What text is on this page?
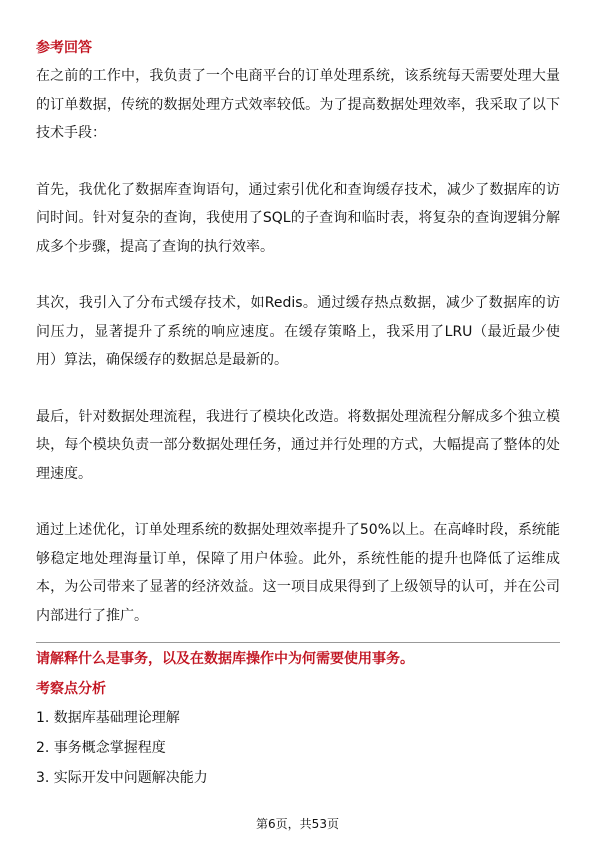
参考回答

在之前的工作中，我负责了一个电商平台的订单处理系统，该系统每天需要处理大量的订单数据，传统的数据处理方式效率较低。为了提高数据处理效率，我采取了以下技术手段：

首先，我优化了数据库查询语句，通过索引优化和查询缓存技术，减少了数据库的访问时间。针对复杂的查询，我使用了SQL的子查询和临时表，将复杂的查询逻辑分解成多个步骤，提高了查询的执行效率。

其次，我引入了分布式缓存技术，如Redis。通过缓存热点数据，减少了数据库的访问压力，显著提升了系统的响应速度。在缓存策略上，我采用了LRU（最近最少使用）算法，确保缓存的数据总是最新的。

最后，针对数据处理流程，我进行了模块化改造。将数据处理流程分解成多个独立模块，每个模块负责一部分数据处理任务，通过并行处理的方式，大幅提高了整体的处理速度。

通过上述优化，订单处理系统的数据处理效率提升了50%以上。在高峰时段，系统能够稳定地处理海量订单，保障了用户体验。此外，系统性能的提升也降低了运维成本，为公司带来了显著的经济效益。这一项目成果得到了上级领导的认可，并在公司内部进行了推广。

请解释什么是事务，以及在数据库操作中为何需要使用事务。

考察点分析

1. 数据库基础理论理解
2. 事务概念掌握程度
3. 实际开发中问题解决能力
第6页，共53页
